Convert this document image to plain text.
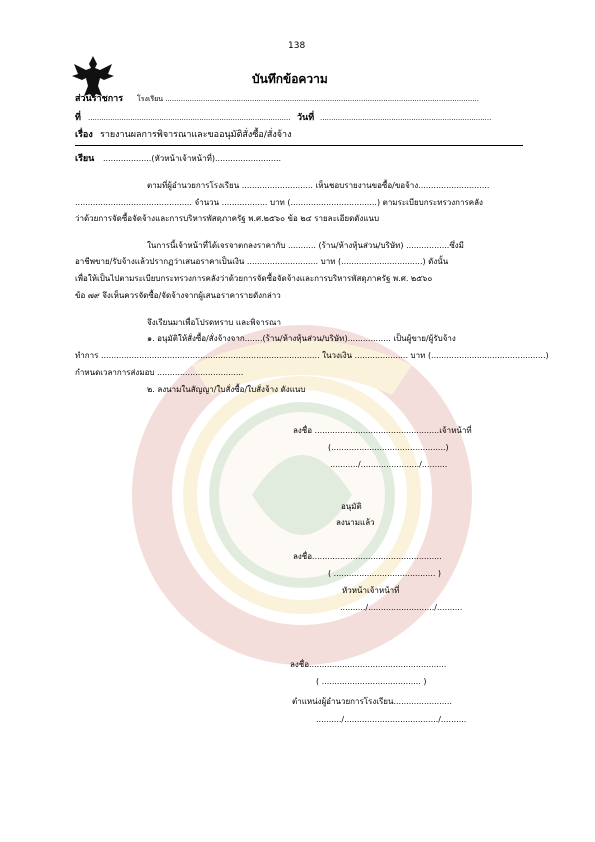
138
บันทึกข้อความ
ส่วนราชการ โรงเรียน .............................................................................................................................................
ที่ ........................................................................................... วันที่ .............................................................................
เรื่อง รายงานผลการพิจารณาและขออนุมัติสั่งซื้อ/สั่งจ้าง
เรียน ...................(หัวหน้าเจ้าหน้าที่)..........................
ตามที่ผู้อำนวยการโรงเรียน ............................ เห็นชอบรายงานขอซื้อ/ขอจ้าง............................
.............................................. จำนวน .................. บาท (..................................) ตามระเบียบกระทรวงการคลัง
ว่าด้วยการจัดซื้อจัดจ้างและการบริหารพัสดุภาครัฐ พ.ศ.๒๕๖๐ ข้อ ๒๔ รายละเอียดดังแนบ
ในการนี้เจ้าหน้าที่ได้เจรจาตกลงราคากับ ........... (ร้าน/ห้างหุ้นส่วน/บริษัท) .................ซึ่งมี
อาชีพขาย/รับจ้างแล้วปรากฏว่าเสนอราคาเป็นเงิน ............................ บาท (................................) ดังนั้น
เพื่อให้เป็นไปตามระเบียบกระทรวงการคลังว่าด้วยการจัดซื้อจัดจ้างและการบริหารพัสดุภาครัฐ พ.ศ. ๒๕๖๐
ข้อ ๗๙ จึงเห็นควรจัดซื้อ/จัดจ้างจากผู้เสนอราคารายดังกล่าว
จึงเรียนมาเพื่อโปรดทราบ และพิจารณา
๑. อนุมัติให้สั่งซื้อ/สั่งจ้างจาก.......(ร้าน/ห้างหุ้นส่วน/บริษัท)................. เป็นผู้ขาย/ผู้รับจ้าง
ทำการ ...................................................................................... ในวงเงิน ..................... บาท (.............................................)
กำหนดเวลาการส่งมอบ ..................................
๒. ลงนามในสัญญา/ใบสั่งซื้อ/ใบสั่งจ้าง ดังแนบ
ลงชื่อ .................................................เจ้าหน้าที่
(.............................................)
.........../......................./..........
อนุมัติ
ลงนามแล้ว
ลงชื่อ...................................................
( ........................................ )
หัวหน้าเจ้าหน้าที่
........../........................../..........
ลงชื่อ......................................................
( ....................................... )
ตำแหน่งผู้อำนวยการโรงเรียน.......................
........../...................................../..........
